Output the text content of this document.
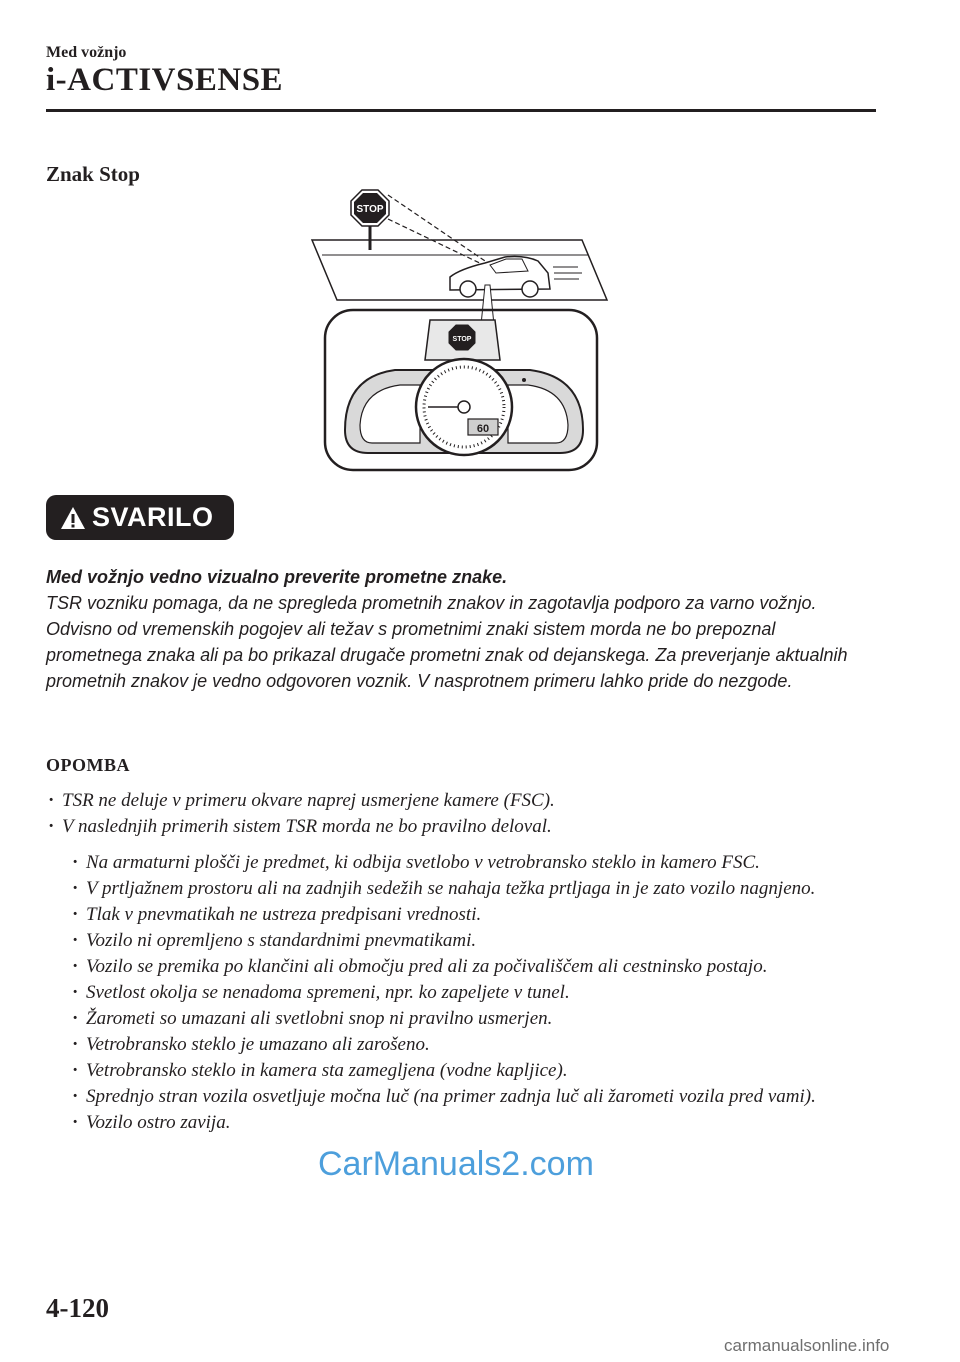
Med vožnjo
i-ACTIVSENSE
Znak Stop
STOP
STOP
60
SVARILO

Med vožnjo vedno vizualno preverite prometne znake.

TSR vozniku pomaga, da ne spregleda prometnih znakov in zagotavlja podporo za varno vožnjo. Odvisno od vremenskih pogojev ali težav s prometnimi znaki sistem morda ne bo prepoznal prometnega znaka ali pa bo prikazal drugače prometni znak od dejanskega. Za preverjanje aktualnih prometnih znakov je vedno odgovoren voznik. V nasprotnem primeru lahko pride do nezgode.

OPOMBA
· TSR ne deluje v primeru okvare naprej usmerjene kamere (FSC).
· V naslednjih primerih sistem TSR morda ne bo pravilno deloval.
· Na armaturni plošči je predmet, ki odbija svetlobo v vetrobransko steklo in kamero FSC.
· V prtljažnem prostoru ali na zadnjih sedežih se nahaja težka prtljaga in je zato vozilo nagnjeno.
· Tlak v pnevmatikah ne ustreza predpisani vrednosti.
· Vozilo ni opremljeno s standardnimi pnevmatikami.
· Vozilo se premika po klančini ali območju pred ali za počivališčem ali cestninsko postajo.
· Svetlost okolja se nenadoma spremeni, npr. ko zapeljete v tunel.
· Žarometi so umazani ali svetlobni snop ni pravilno usmerjen.
· Vetrobransko steklo je umazano ali zarošeno.
· Vetrobransko steklo in kamera sta zamegljena (vodne kapljice).
· Sprednjo stran vozila osvetljuje močna luč (na primer zadnja luč ali žarometi vozila pred vami).
· Vozilo ostro zavija.
CarManuals2.com
4-120
carmanualsonline.info
